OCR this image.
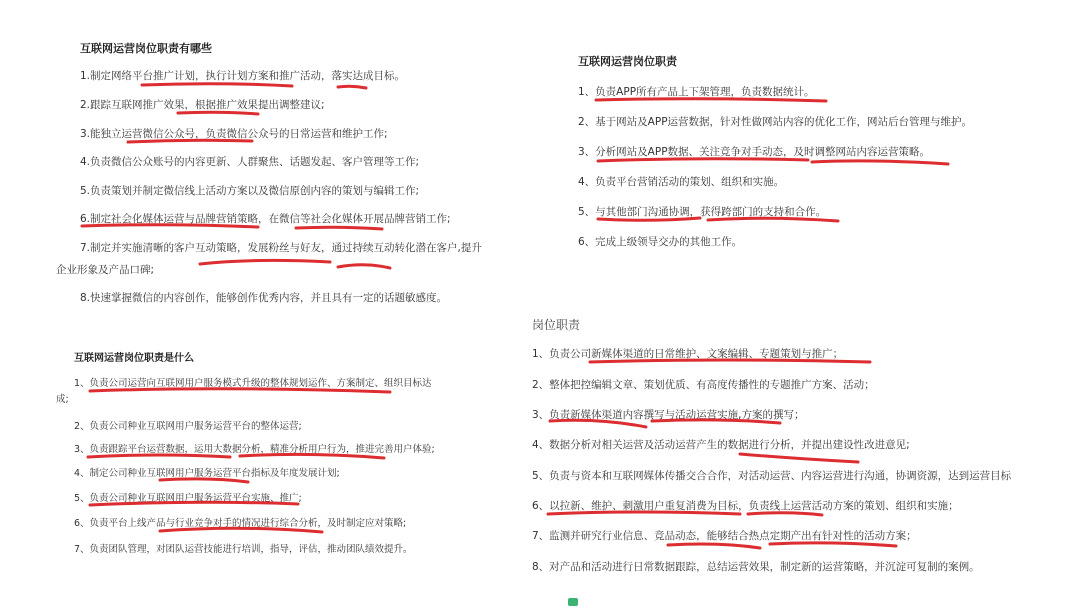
互联网运营岗位职责有哪些
1.制定网络平台推广计划，执行计划方案和推广活动，落实达成目标。
2.跟踪互联网推广效果，根据推广效果提出调整建议;
3.能独立运营微信公众号，负责微信公众号的日常运营和维护工作;
4.负责微信公众账号的内容更新、人群聚焦、话题发起、客户管理等工作;
5.负责策划并制定微信线上活动方案以及微信原创内容的策划与编辑工作;
6.制定社会化媒体运营与品牌营销策略，在微信等社会化媒体开展品牌营销工作;
7.制定并实施清晰的客户互动策略，发展粉丝与好友，通过持续互动转化潜在客户,提升
企业形象及产品口碑;
8.快速掌握微信的内容创作，能够创作优秀内容，并且具有一定的话题敏感度。
互联网运营岗位职责是什么
1、负责公司运营向互联网用户服务模式升级的整体规划运作、方案制定、组织目标达
成;
2、负责公司种业互联网用户服务运营平台的整体运营;
3、负责跟踪平台运营数据，运用大数据分析，精准分析用户行为，推进完善用户体验;
4、制定公司种业互联网用户服务运营平台指标及年度发展计划;
5、负责公司种业互联网用户服务运营平台实施、推广;
6、负责平台上线产品与行业竞争对手的情况进行综合分析，及时制定应对策略;
7、负责团队管理，对团队运营技能进行培训，指导，评估，推动团队绩效提升。
互联网运营岗位职责
1、负责APP所有产品上下架管理，负责数据统计。
2、基于网站及APP运营数据，针对性做网站内容的优化工作，网站后台管理与维护。
3、分析网站及APP数据、关注竞争对手动态，及时调整网站内容运营策略。
4、负责平台营销活动的策划、组织和实施。
5、与其他部门沟通协调，获得跨部门的支持和合作。
6、完成上级领导交办的其他工作。
岗位职责
1、负责公司新媒体渠道的日常维护、文案编辑、专题策划与推广；
2、整体把控编辑文章、策划优质、有高度传播性的专题推广方案、活动；
3、负责新媒体渠道内容撰写与活动运营实施,方案的撰写；
4、数据分析对相关运营及活动运营产生的数据进行分析，并提出建设性改进意见;
5、负责与资本和互联网媒体传播交合合作，对活动运营、内容运营进行沟通，协调资源，达到运营目标
6、以拉新、维护、刺激用户重复消费为目标，负责线上运营活动方案的策划、组织和实施；
7、监测并研究行业信息、竞品动态，能够结合热点定期产出有针对性的活动方案；
8、对产品和活动进行日常数据跟踪，总结运营效果，制定新的运营策略，并沉淀可复制的案例。
